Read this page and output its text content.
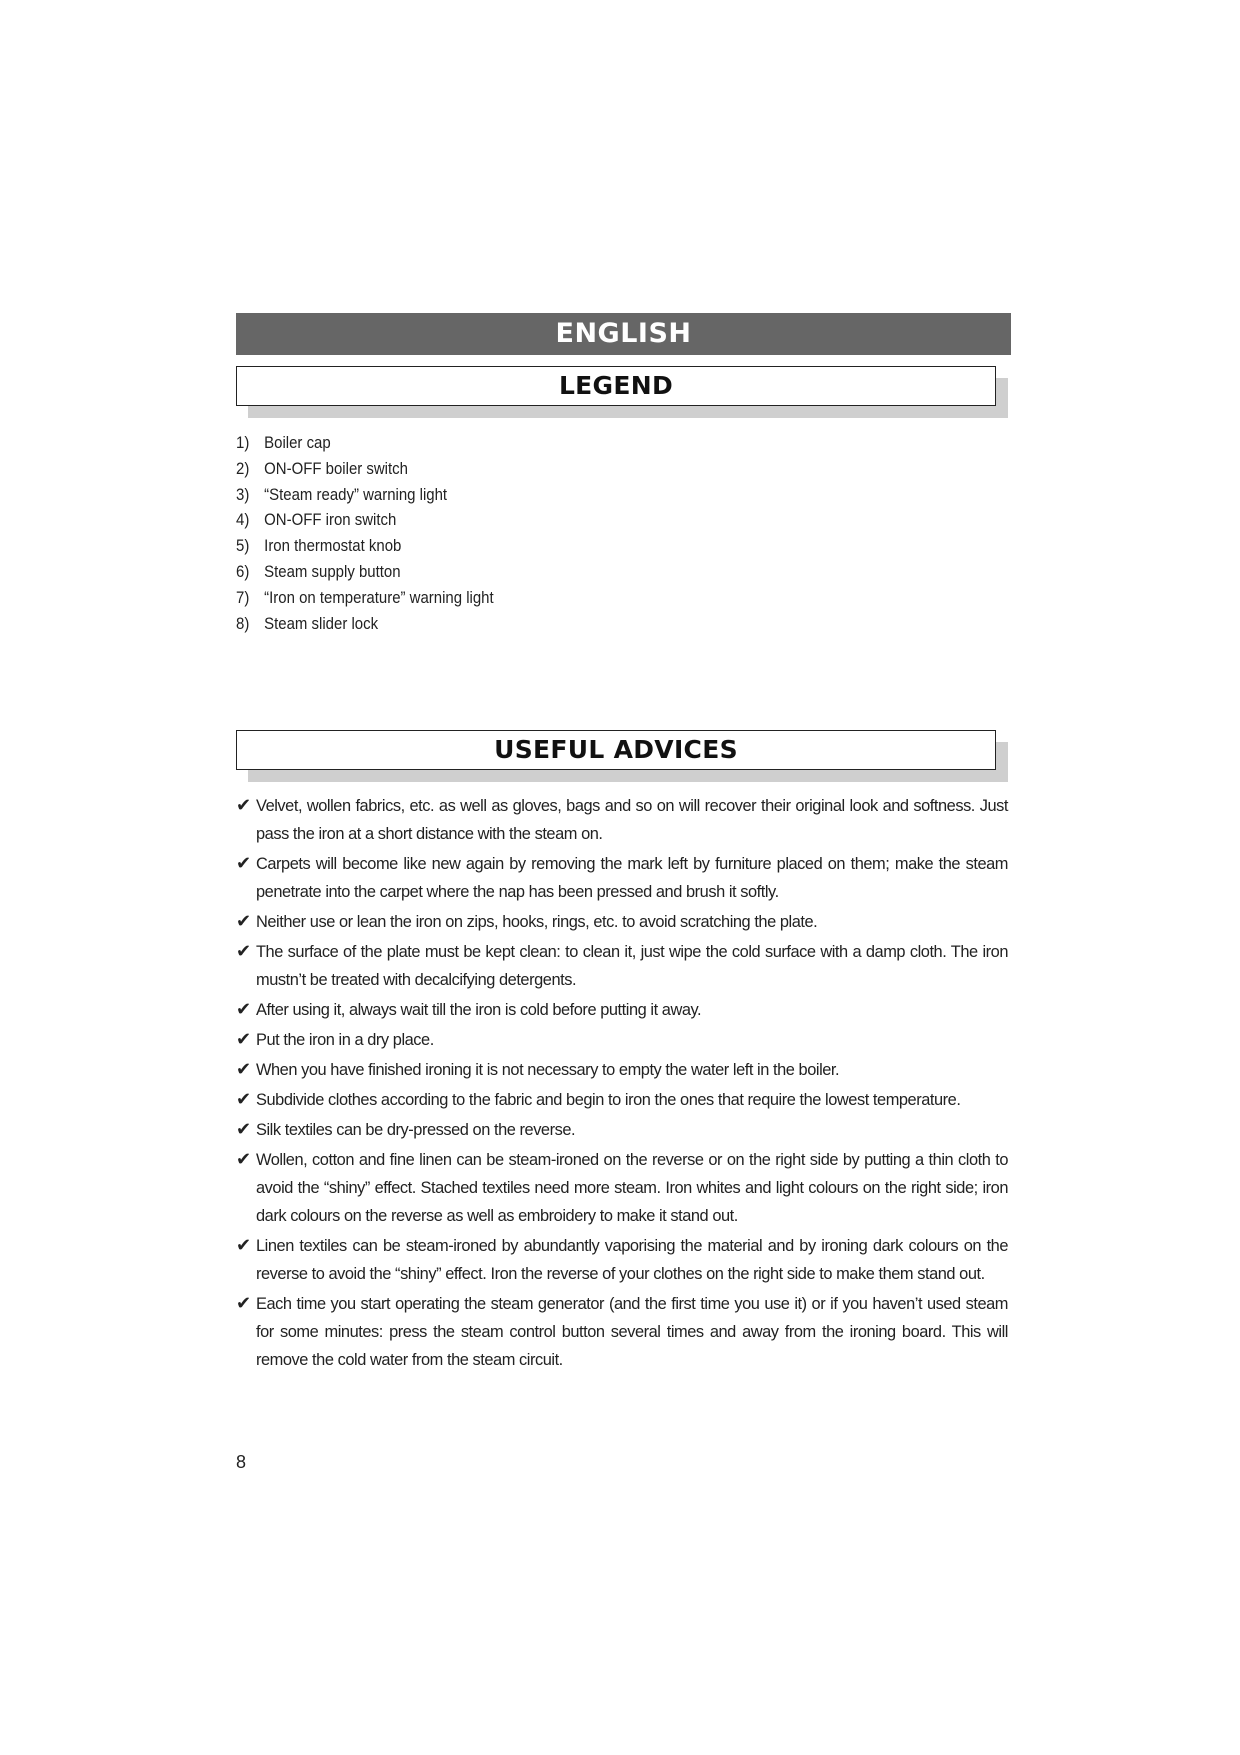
ENGLISH
LEGEND
1) Boiler cap
2) ON-OFF boiler switch
3) “Steam ready” warning light
4) ON-OFF iron switch
5) Iron thermostat knob
6) Steam supply button
7) “Iron on temperature” warning light
8) Steam slider lock
USEFUL ADVICES
✔ Velvet, wollen fabrics, etc. as well as gloves, bags and so on will recover their original look and softness. Just pass the iron at a short distance with the steam on.
✔ Carpets will become like new again by removing the mark left by furniture placed on them; make the steam penetrate into the carpet where the nap has been pressed and brush it softly.
✔ Neither use or lean the iron on zips, hooks, rings, etc. to avoid scratching the plate.
✔ The surface of the plate must be kept clean: to clean it, just wipe the cold surface with a damp cloth. The iron mustn’t be treated with decalcifying detergents.
✔ After using it, always wait till the iron is cold before putting it away.
✔ Put the iron in a dry place.
✔ When you have finished ironing it is not necessary to empty the water left in the boiler.
✔ Subdivide clothes according to the fabric and begin to iron the ones that require the lowest temperature.
✔ Silk textiles can be dry-pressed on the reverse.
✔ Wollen, cotton and fine linen can be steam-ironed on the reverse or on the right side by putting a thin cloth to avoid the “shiny” effect. Stached textiles need more steam. Iron whites and light colours on the right side; iron dark colours on the reverse as well as embroidery to make it stand out.
✔ Linen textiles can be steam-ironed by abundantly vaporising the material and by ironing dark colours on the reverse to avoid the “shiny” effect. Iron the reverse of your clothes on the right side to make them stand out.
✔ Each time you start operating the steam generator (and the first time you use it) or if you haven’t used steam for some minutes: press the steam control button several times and away from the ironing board. This will remove the cold water from the steam circuit.
8
